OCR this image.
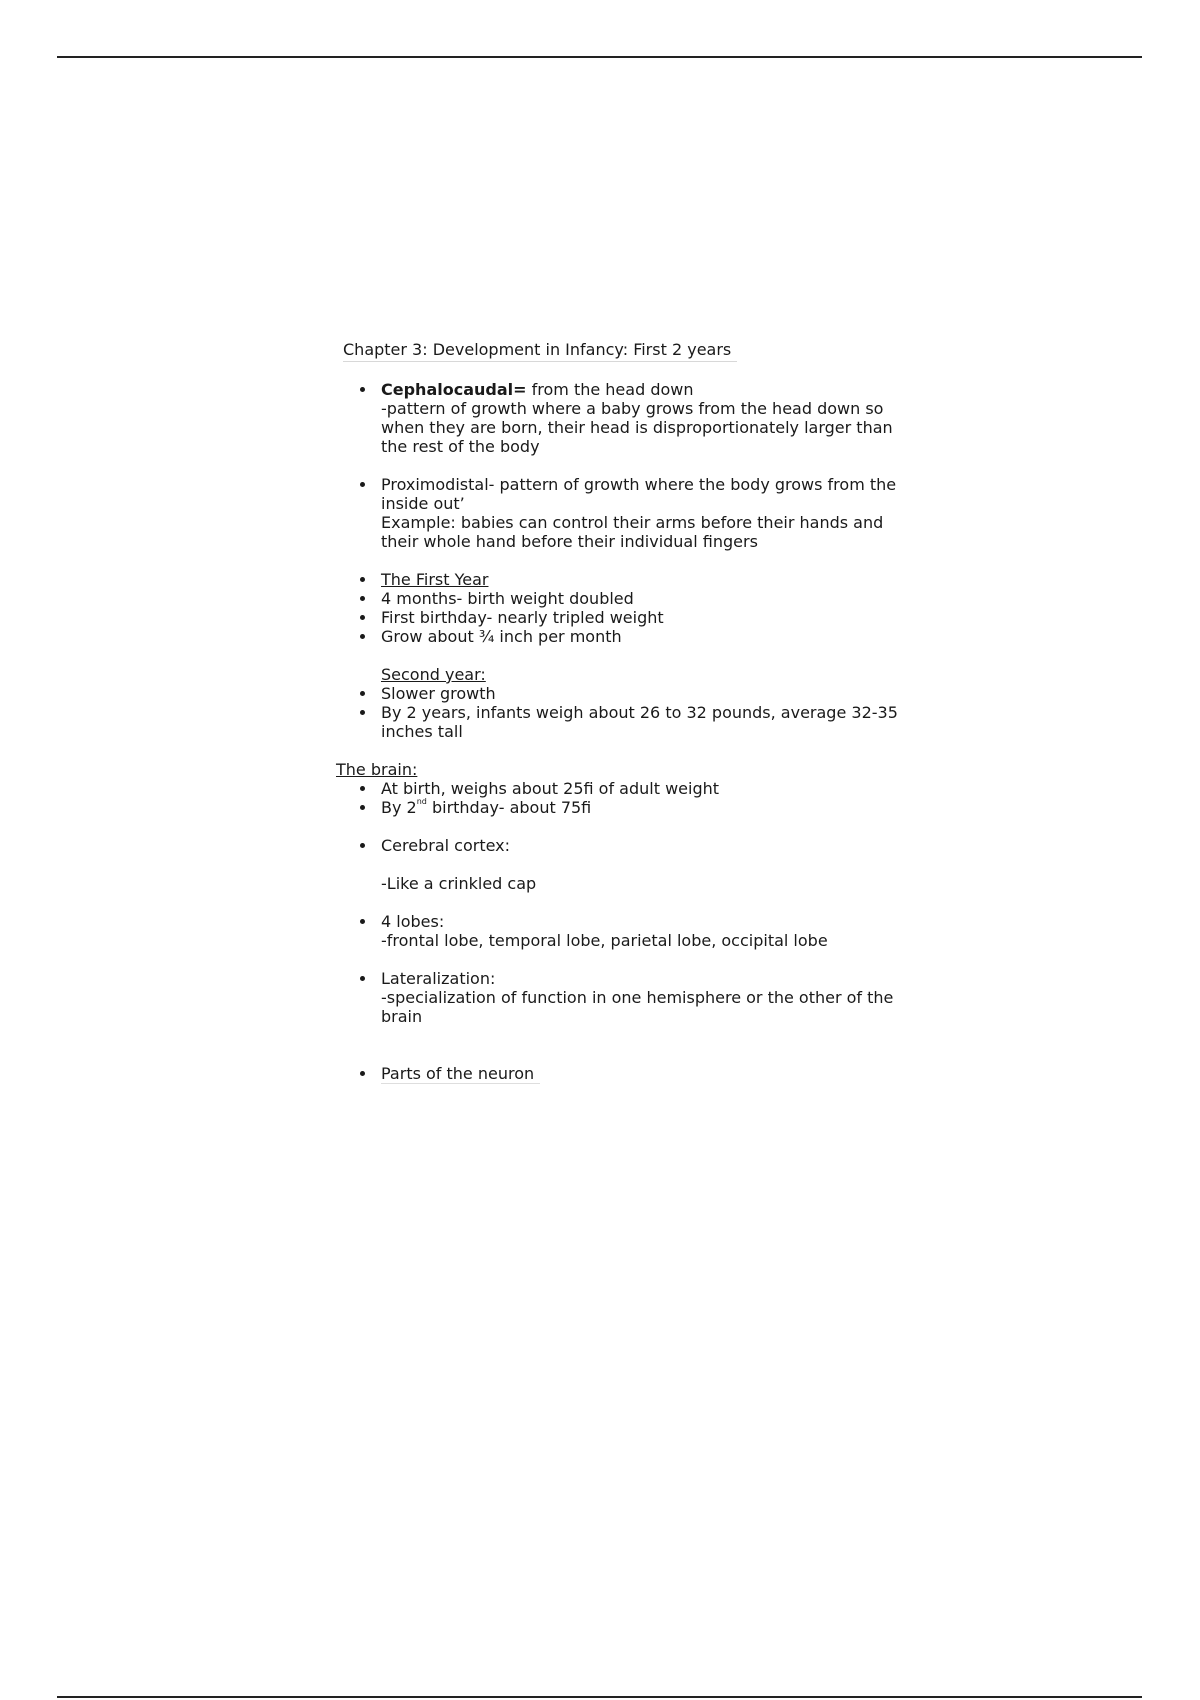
Chapter 3: Development in Infancy: First 2 years
Cephalocaudal= from the head down
-pattern of growth where a baby grows from the head down so when they are born, their head is disproportionately larger than the rest of the body
Proximodistal- pattern of growth where the body grows from the inside out’
Example: babies can control their arms before their hands and their whole hand before their individual fingers
The First Year
4 months- birth weight doubled
First birthday- nearly tripled weight
Grow about ¾ inch per month
Second year:
Slower growth
By 2 years, infants weigh about 26 to 32 pounds, average 32-35 inches tall
The brain:
At birth, weighs about 25fi of adult weight
By 2nd birthday- about 75fi
Cerebral cortex:
-Like a crinkled cap
4 lobes:
-frontal lobe, temporal lobe, parietal lobe, occipital lobe
Lateralization:
-specialization of function in one hemisphere or the other of the brain
Parts of the neuron
